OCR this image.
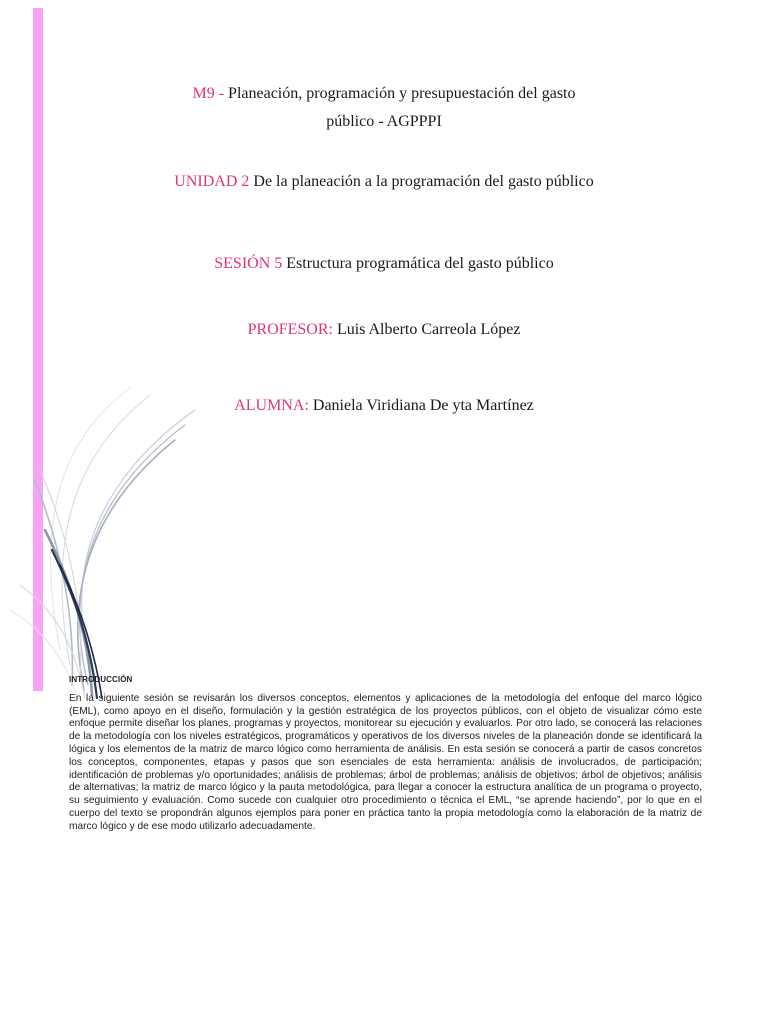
M9 - Planeación, programación y presupuestación del gasto
público - AGPPPI
UNIDAD 2 De la planeación a la programación del gasto público
SESIÓN 5 Estructura programática del gasto público
PROFESOR: Luis Alberto Carreola López
ALUMNA: Daniela Viridiana De yta Martínez
INTRODUCCIÓN
En la siguiente sesión se revisarán los diversos conceptos, elementos y aplicaciones de la metodología del enfoque del marco lógico (EML), como apoyo en el diseño, formulación y la gestión estratégica de los proyectos públicos, con el objeto de visualizar cómo este enfoque permite diseñar los planes, programas y proyectos, monitorear su ejecución y evaluarlos. Por otro lado, se conocerá las relaciones de la metodología con los niveles estratégicos, programáticos y operativos de los diversos niveles de la planeación donde se identificará la lógica y los elementos de la matriz de marco lógico como herramienta de análisis. En esta sesión se conocerá a partir de casos concretos los conceptos, componentes, etapas y pasos que son esenciales de esta herramienta: análisis de involucrados, de participación; identificación de problemas y/o oportunidades; análisis de problemas; árbol de problemas; análisis de objetivos; árbol de objetivos; análisis de alternativas; la matriz de marco lógico y la pauta metodológica, para llegar a conocer la estructura analítica de un programa o proyecto, su seguimiento y evaluación. Como sucede con cualquier otro procedimiento o técnica el EML, “se aprende haciendo”, por lo que en el cuerpo del texto se propondrán algunos ejemplos para poner en práctica tanto la propia metodología como la elaboración de la matriz de marco lógico y de ese modo utilizarlo adecuadamente.
